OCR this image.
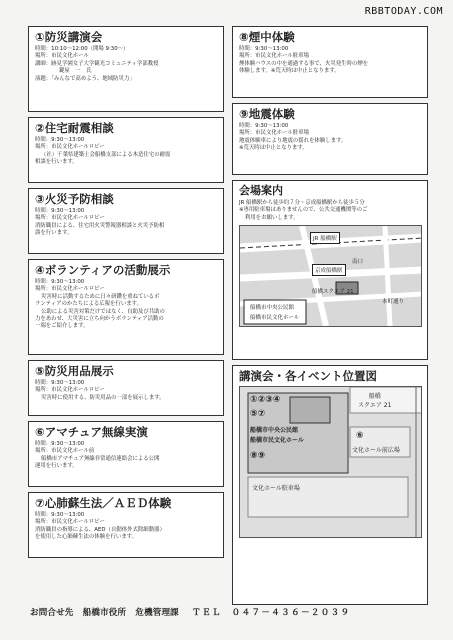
RBBTODAY.COM
①防災講演会
時間：10:10～12:00（開場 9:30～）
場所：市民文化ホール
講師：跡見学園女子大学観光コミュニティ学部教授
鍵屋　一　氏
演題：「みんなで高めよう、地域防災力」
②住宅耐震相談
時間：9:30～13:00
場所：市民文化ホールロビー
（社）千葉県建築士会船橋支部による木造住宅の耐震
相談を行います。
③火災予防相談
時間：9:30～13:00
場所：市民文化ホールロビー
消防職員による、住宅用火災警報器相談と火災予防相
談を行います。
④ボランティアの活動展示
時間：9:30～13:00
場所：市民文化ホールロビー
災害時に活動するために日々研鑽を重ねているボ
ランティアのかたちによる広報を行います。
公助による災害対策だけではなく、自助及び共助の
力をあわせ、大災害に立ち向かうボランティア活動の
一端をご紹介します。
⑤防災用品展示
時間：9:30～13:00
場所：市民文化ホールロビー
災害時に使用する、防災用品の一部を展示します。
⑥アマチュア無線実演
時間：9:30～13:00
場所：市民文化ホール前
船橋市アマチュア無線非常通信連絡会による公開
運用を行います。
⑦心肺蘇生法／ＡＥＤ体験
時間：9:30～13:00
場所：市民文化ホールロビー
消防職員の指導による、AED（自動体外式除細動器）
を使用した心肺蘇生法の体験を行います。
⑧煙中体験
時間：9:30～13:00
場所：市民文化ホール駐車場
煙体験ハウスの中を通過する事で、火災発生時の煙を
体験します。※荒天時は中止となります。
⑨地震体験
時間：9:30～13:00
場所：市民文化ホール駐車場
地震体験車により地震の揺れを体験します。
※荒天時は中止となります。
会場案内
JR 船橋駅から徒歩約７分・京成船橋駅から徒歩５分
※専用駐車場はありませんので、公共交通機関等のご
利用をお願いします。
JR 船橋駅
南口
京成船橋駅
船橋スクエア 21
本町通り
船橋市中央公民館
船橋市民文化ホール
講演会・各イベント位置図
①②③④
⑤⑦
⑥
⑧⑨
船橋
スクエア 21
船橋市中央公民館
船橋市民文化ホール
文化ホール前広場
文化ホール駐車場
お問合せ先 船橋市役所 危機管理課 ＴＥＬ　０４７－４３６－２０３９
